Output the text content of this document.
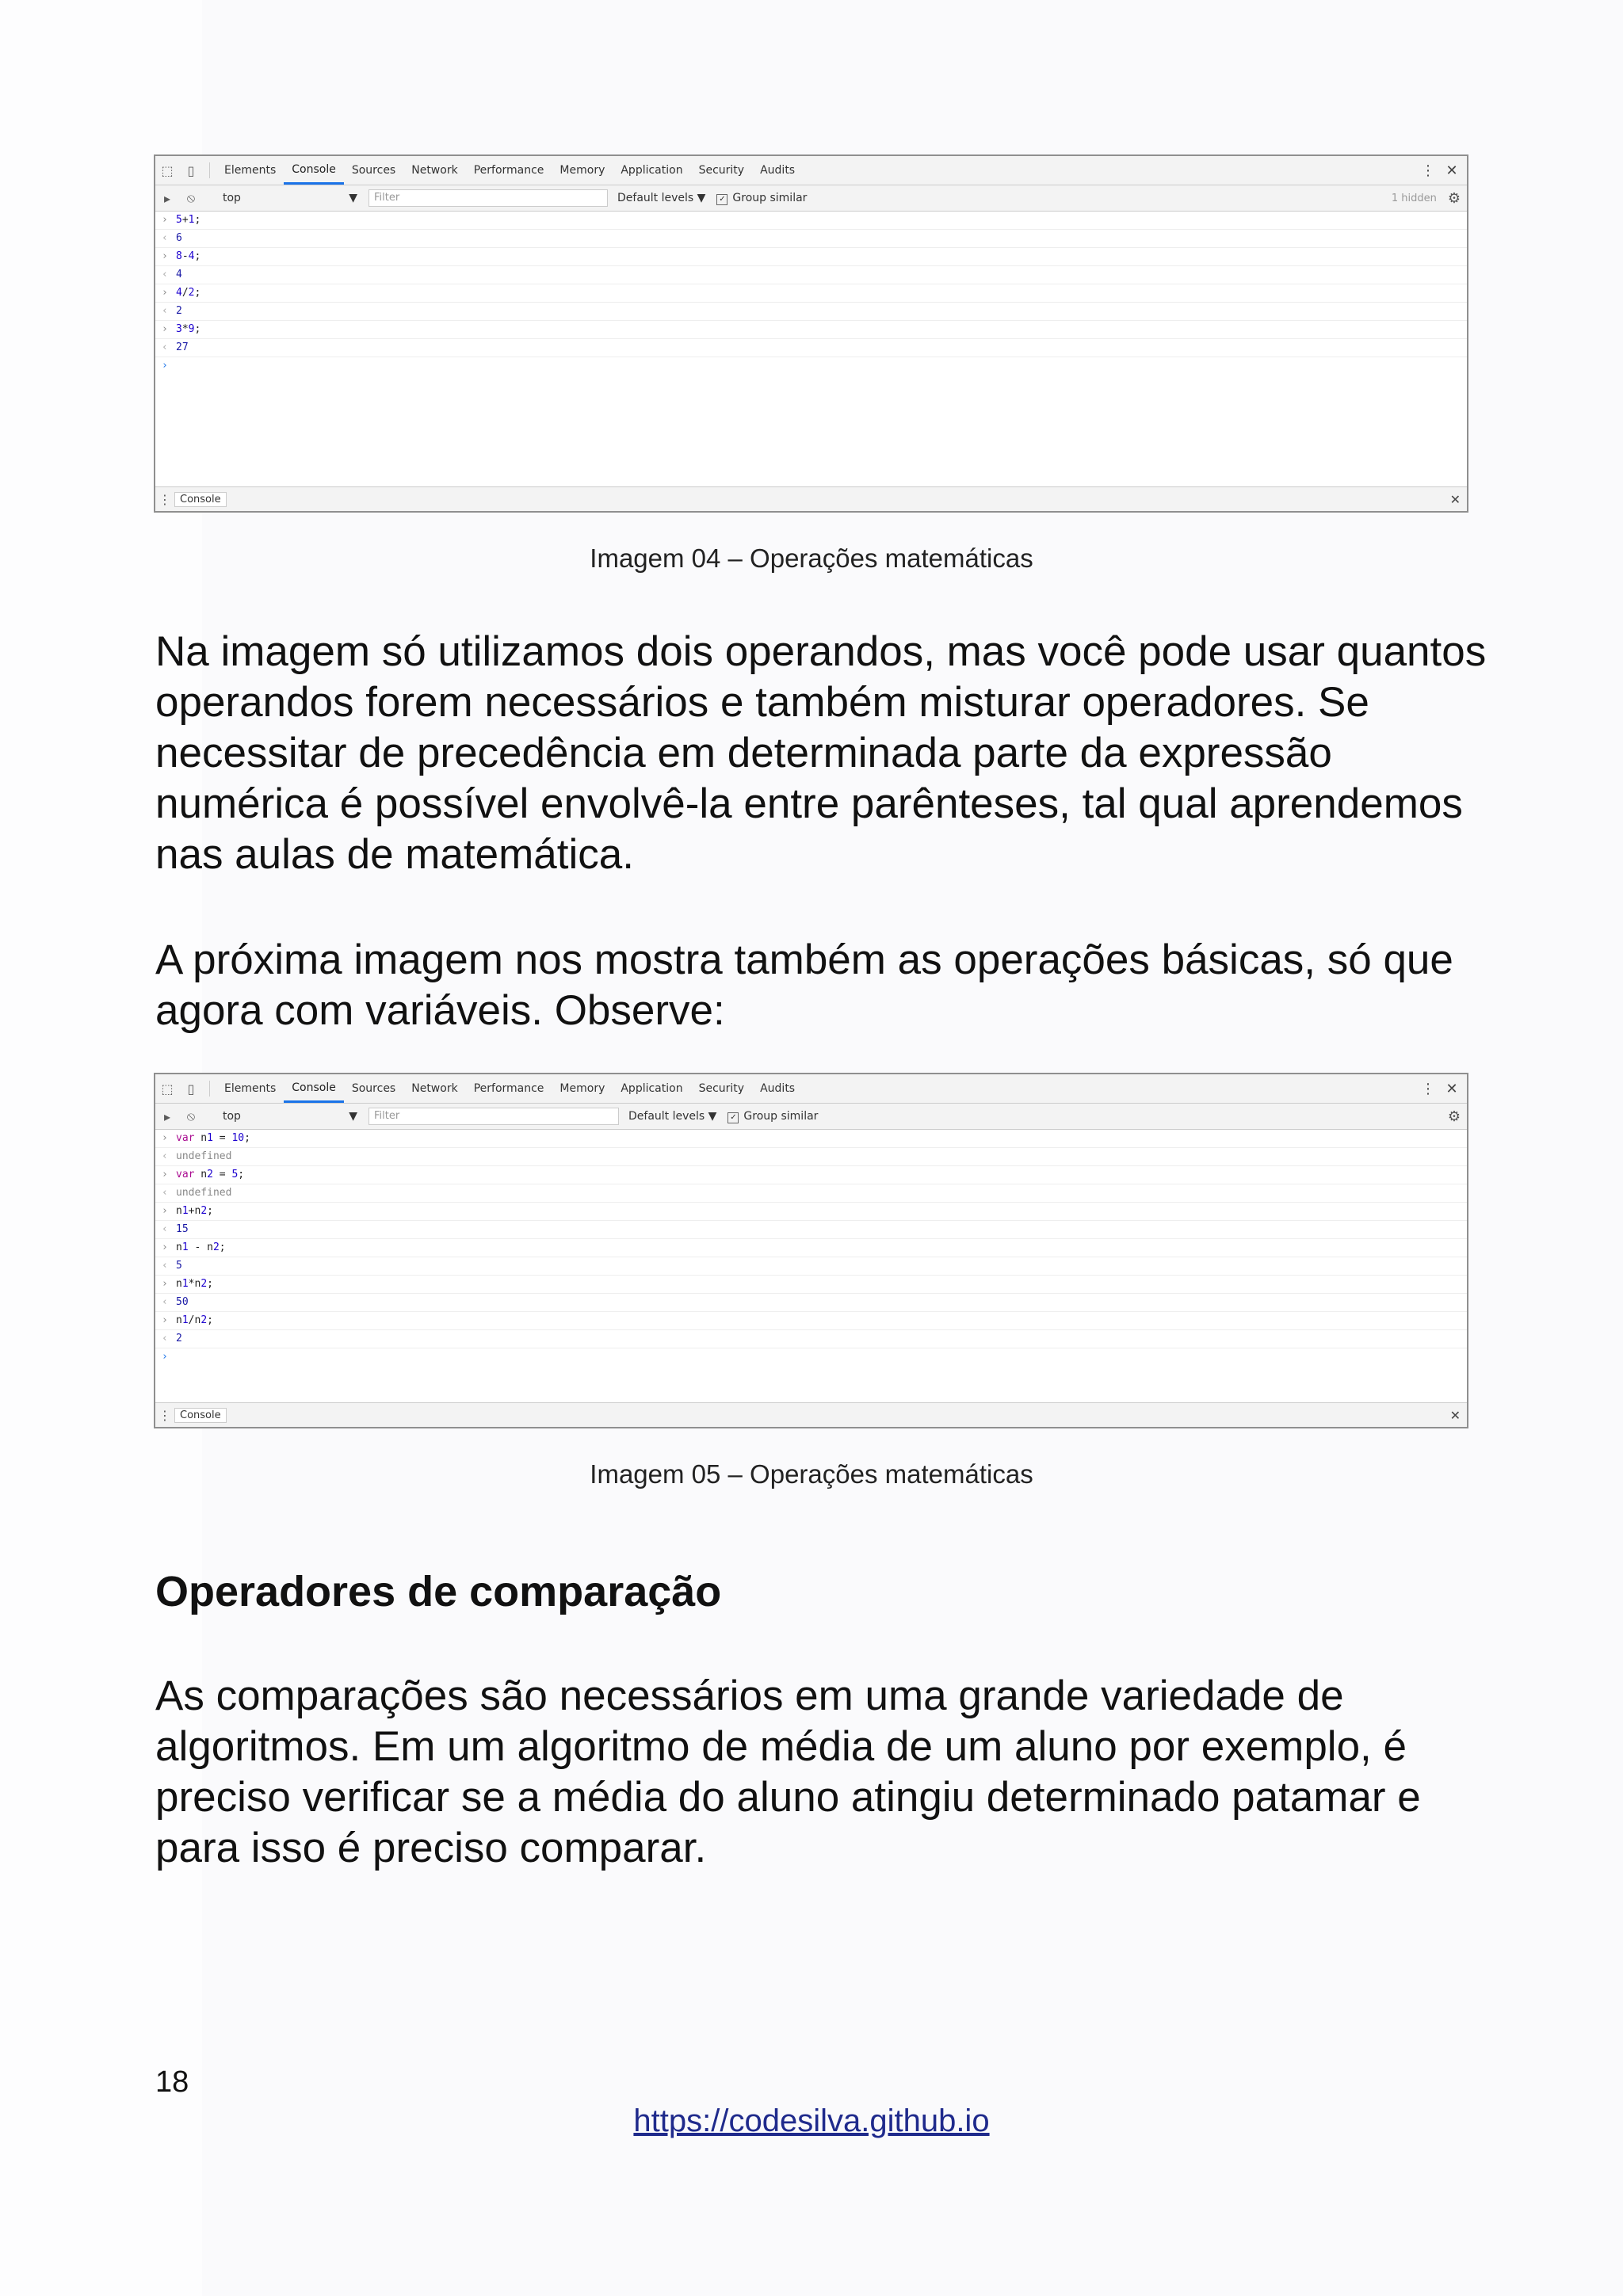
⬚	▯	Elements	Console	Sources	Network	Performance	Memory	Application	Security	Audits	⋮ ✕
▸	⦸	top	▼	Filter	Default levels ▼ ✓ Group similar	1 hidden ⚙
› 5+1;
‹ 6
› 8-4;
‹ 4
› 4/2;
‹ 2
› 3*9;
‹ 27
›
⋮ Console	✕
Imagem 04 – Operações matemáticas

Na imagem só utilizamos dois operandos, mas você pode usar quantos operandos forem necessários e também misturar operadores. Se necessitar de precedência em determinada parte da expressão numérica é possível envolvê-la entre parênteses, tal qual aprendemos nas aulas de matemática.

A próxima imagem nos mostra também as operações básicas, só que agora com variáveis. Observe:

⬚	▯	Elements	Console	Sources	Network	Performance	Memory	Application	Security	Audits	⋮ ✕
▸	⦸	top	▼	Filter	Default levels ▼ ✓ Group similar	⚙
› var n1 = 10;
‹ undefined
› var n2 = 5;
‹ undefined
› n1+n2;
‹ 15
› n1 - n2;
‹ 5
› n1*n2;
‹ 50
› n1/n2;
‹ 2
›
⋮ Console	✕
Imagem 05 – Operações matemáticas
Operadores de comparação

As comparações são necessários em uma grande variedade de algoritmos. Em um algoritmo de média de um aluno por exemplo, é preciso verificar se a média do aluno atingiu determinado patamar e para isso é preciso comparar.

18
https://codesilva.github.io
